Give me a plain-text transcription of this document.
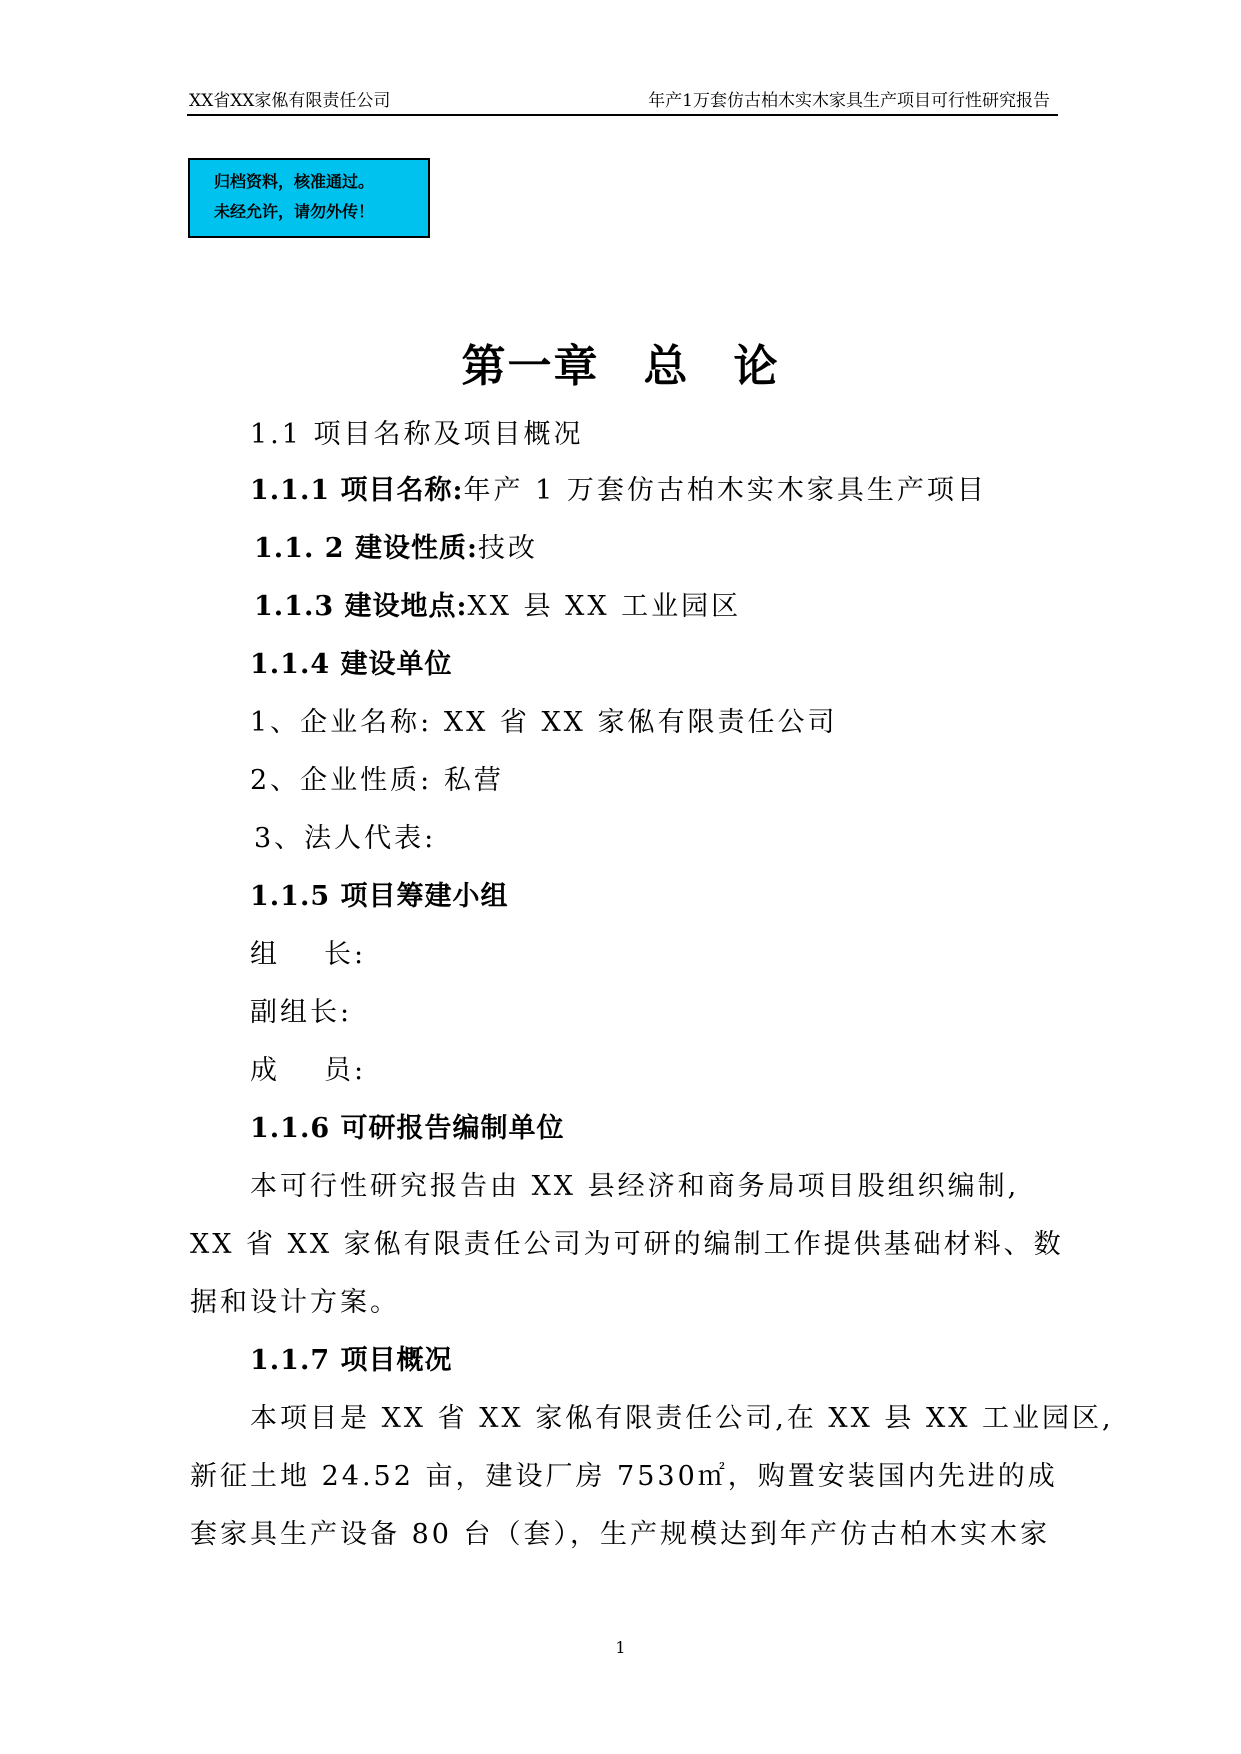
XX省XX家俬有限责任公司	年产1万套仿古柏木实木家具生产项目可行性研究报告
归档资料，核准通过。
未经允许，请勿外传！
第一章 总 论
1.1 项目名称及项目概况
1.1.1 项目名称:年产 1 万套仿古柏木实木家具生产项目
1.1. 2 建设性质:技改
1.1.3 建设地点:XX 县 XX 工业园区
1.1.4 建设单位
1、企业名称: XX 省 XX 家俬有限责任公司
2、企业性质: 私营
3、法人代表:
1.1.5 项目筹建小组
组 长:
副组长:
成 员:
1.1.6 可研报告编制单位
本可行性研究报告由 XX 县经济和商务局项目股组织编制,
XX 省 XX 家俬有限责任公司为可研的编制工作提供基础材料、数
据和设计方案。
1.1.7 项目概况
本项目是 XX 省 XX 家俬有限责任公司,在 XX 县 XX 工业园区,
新征土地 24.52 亩，建设厂房 7530㎡，购置安装国内先进的成
套家具生产设备 80 台（套），生产规模达到年产仿古柏木实木家
1
